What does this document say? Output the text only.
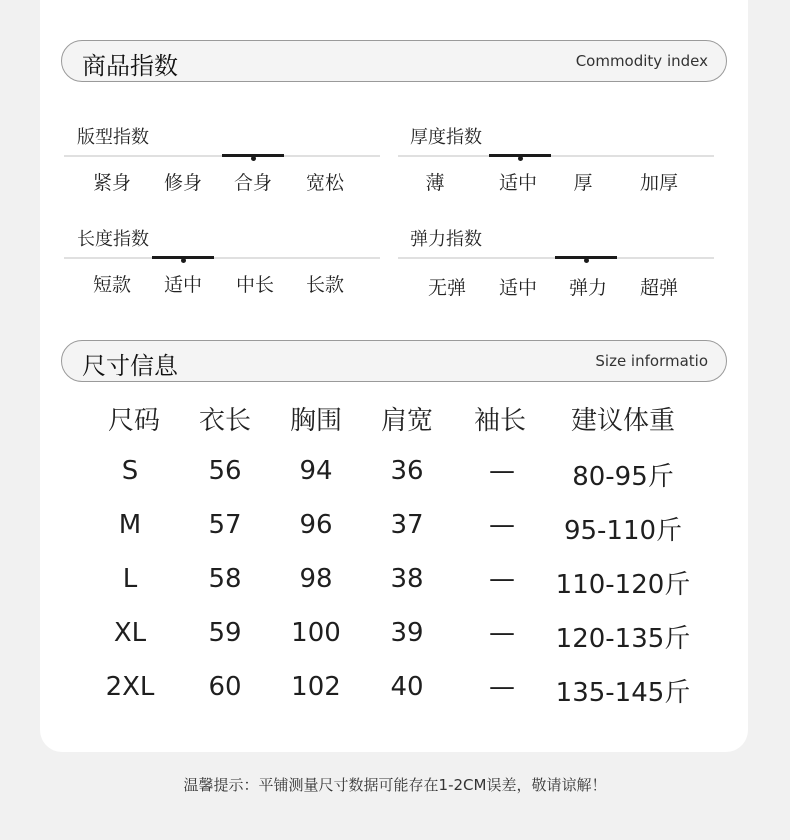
商品指数	Commodity index
版型指数
紧身	修身	合身	宽松
厚度指数
薄	适中	厚	加厚
长度指数
短款	适中	中长	长款
弹力指数
无弹	适中	弹力	超弹
尺寸信息	Size informatio
尺码	衣长	胸围	肩宽	袖长	建议体重
S	56	94	36	—	80-95斤
M	57	96	37	—	95-110斤
L	58	98	38	—	110-120斤
XL	59	100	39	—	120-135斤
2XL	60	102	40	—	135-145斤
温馨提示：平铺测量尺寸数据可能存在1-2CM误差，敬请谅解！
